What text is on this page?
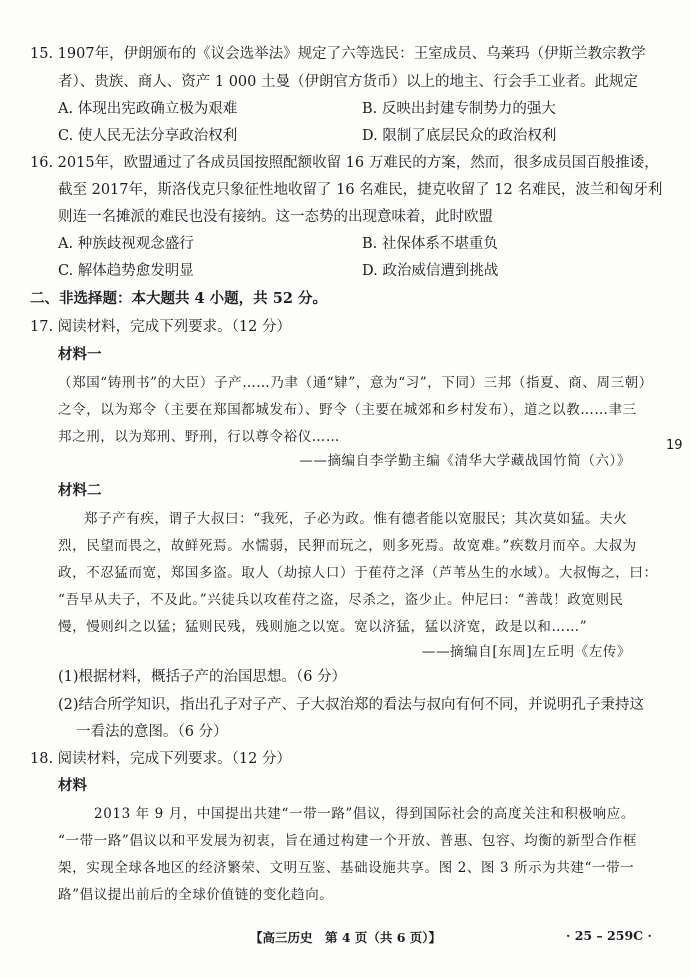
15. 1907年，伊朗颁布的《议会选举法》规定了六等选民：王室成员、乌莱玛（伊斯兰教宗教学
者）、贵族、商人、资产 1 000 土曼（伊朗官方货币）以上的地主、行会手工业者。此规定
A. 体现出宪政确立极为艰难	B. 反映出封建专制势力的强大
C. 使人民无法分享政治权利	D. 限制了底层民众的政治权利
16. 2015年，欧盟通过了各成员国按照配额收留 16 万难民的方案，然而，很多成员国百般推诿，
截至 2017年，斯洛伐克只象征性地收留了 16 名难民，捷克收留了 12 名难民，波兰和匈牙利
则连一名摊派的难民也没有接纳。这一态势的出现意味着，此时欧盟
A. 种族歧视观念盛行	B. 社保体系不堪重负
C. 解体趋势愈发明显	D. 政治威信遭到挑战
二、非选择题：本大题共 4 小题，共 52 分。
17. 阅读材料，完成下列要求。（12 分）
材料一
（郑国“铸刑书”的大臣）子产……乃聿（通“肄”，意为“习”，下同）三邦（指夏、商、周三朝）
之令，以为郑令（主要在郑国都城发布）、野令（主要在城郊和乡村发布），道之以教……聿三
邦之刑，以为郑刑、野刑，行以尊令裕仪……
——摘编自李学勤主编《清华大学藏战国竹简（六）》
19
材料二
郑子产有疾，谓子大叔曰：“我死，子必为政。惟有德者能以宽服民；其次莫如猛。夫火
烈，民望而畏之，故鲜死焉。水懦弱，民狎而玩之，则多死焉。故宽难。”疾数月而卒。大叔为
政，不忍猛而宽，郑国多盗。取人（劫掠人口）于萑苻之泽（芦苇丛生的水域）。大叔悔之，曰：
“吾早从夫子，不及此。”兴徒兵以攻萑苻之盗，尽杀之，盗少止。仲尼曰：“善哉！政宽则民
慢，慢则纠之以猛；猛则民残，残则施之以宽。宽以济猛，猛以济宽，政是以和……”
——摘编自[东周]左丘明《左传》
(1)根据材料，概括子产的治国思想。（6 分）
(2)结合所学知识，指出孔子对子产、子大叔治郑的看法与叔向有何不同，并说明孔子秉持这
一看法的意图。（6 分）
18. 阅读材料，完成下列要求。（12 分）
材料
2013 年 9 月，中国提出共建“一带一路”倡议，得到国际社会的高度关注和积极响应。
“一带一路”倡议以和平发展为初衷，旨在通过构建一个开放、普惠、包容、均衡的新型合作框
架，实现全球各地区的经济繁荣、文明互鉴、基础设施共享。图 2、图 3 所示为共建“一带一
路”倡议提出前后的全球价值链的变化趋向。
【高三历史　第 4 页（共 6 页）】	· 25 – 259C ·
